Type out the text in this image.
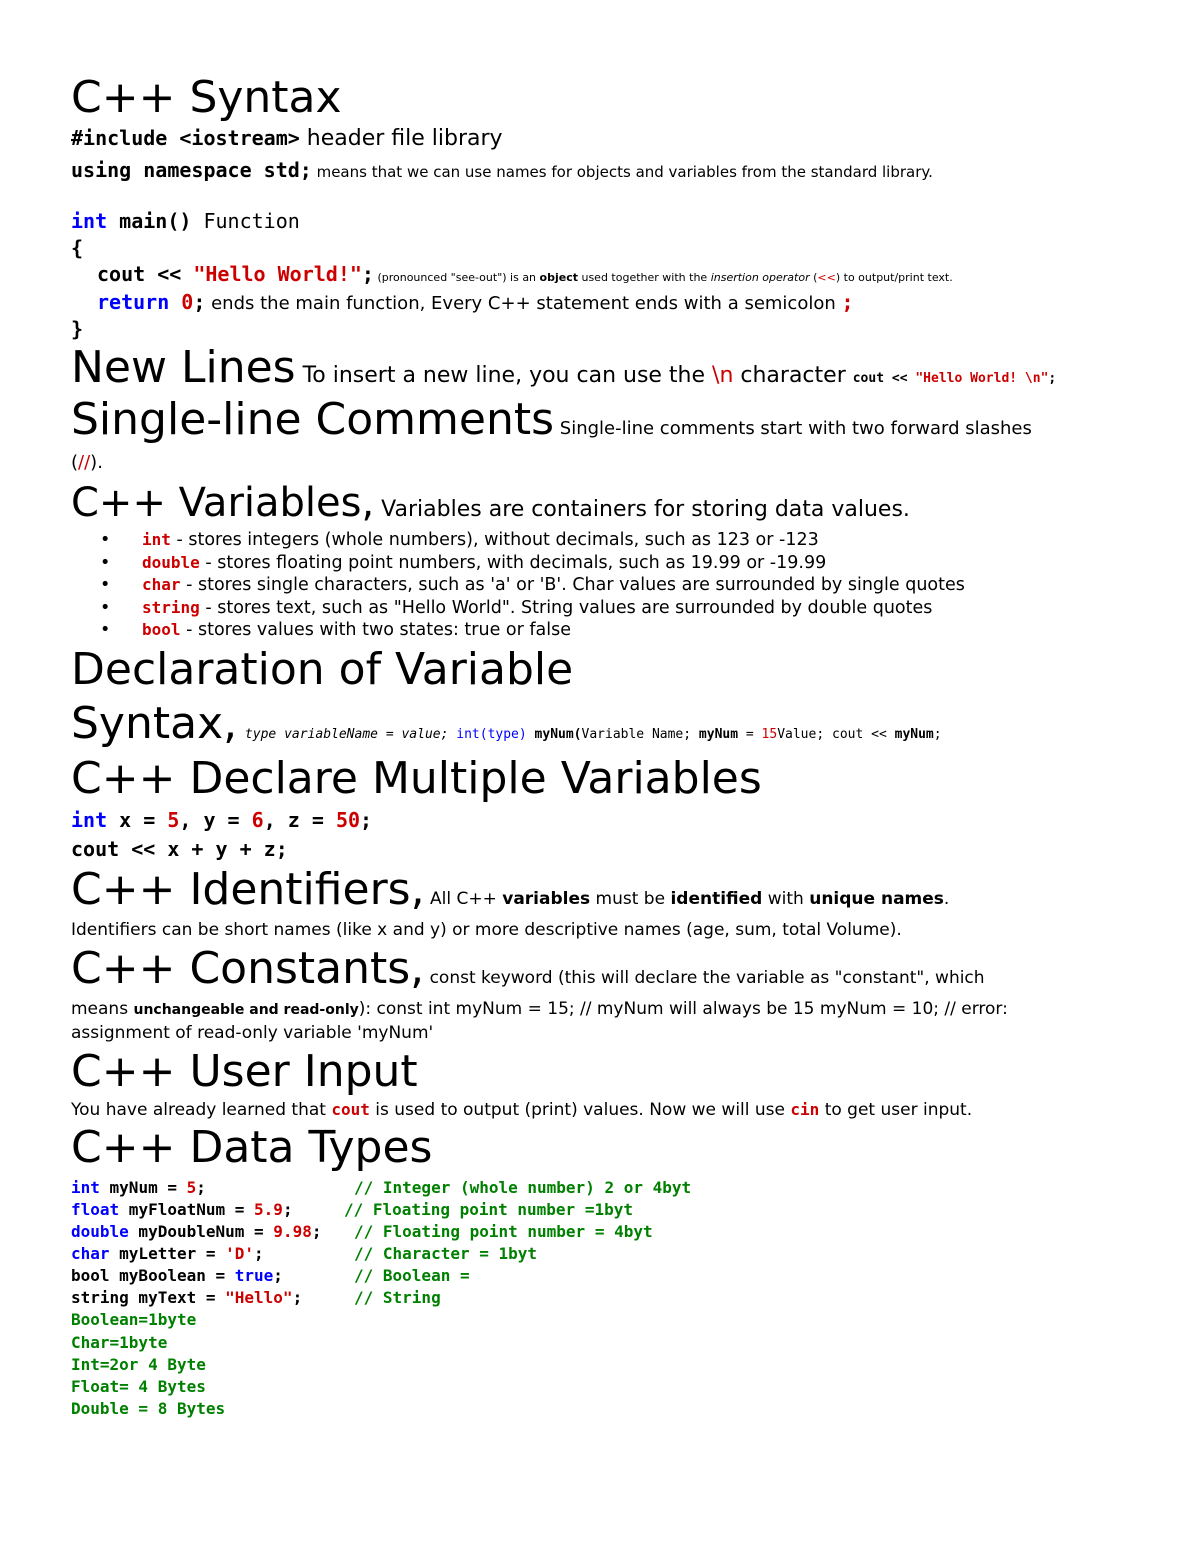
C++ Syntax
#include <iostream> header file library
using namespace std; means that we can use names for objects and variables from the standard library.
int main() Function
{
cout << "Hello World!"; (pronounced "see-out") is an object used together with the insertion operator (<<) to output/print text.
return 0; ends the main function, Every C++ statement ends with a semicolon ;
}
New Lines To insert a new line, you can use the \n character cout << "Hello World! \n";
Single-line Comments Single-line comments start with two forward slashes
(//).
C++ Variables, Variables are containers for storing data values.
• int - stores integers (whole numbers), without decimals, such as 123 or -123
• double - stores floating point numbers, with decimals, such as 19.99 or -19.99
• char - stores single characters, such as 'a' or 'B'. Char values are surrounded by single quotes
• string - stores text, such as "Hello World". String values are surrounded by double quotes
• bool - stores values with two states: true or false
Declaration of Variable
Syntax, type variableName = value; int(type) myNum(Variable Name; myNum = 15Value; cout << myNum;
C++ Declare Multiple Variables
int x = 5, y = 6, z = 50;
cout << x + y + z;
C++ Identifiers, All C++ variables must be identified with unique names.
Identifiers can be short names (like x and y) or more descriptive names (age, sum, total Volume).
C++ Constants, const keyword (this will declare the variable as "constant", which
means unchangeable and read-only): const int myNum = 15; // myNum will always be 15 myNum = 10; // error:
assignment of read-only variable 'myNum'
C++ User Input
You have already learned that cout is used to output (print) values. Now we will use cin to get user input.
C++ Data Types
int myNum = 5;	// Integer (whole number) 2 or 4byt
float myFloatNum = 5.9;	// Floating point number =1byt
double myDoubleNum = 9.98; // Floating point number = 4byt
char myLetter = 'D';	// Character = 1byt
bool myBoolean = true;	// Boolean =
string myText = "Hello";	// String
Boolean=1byte
Char=1byte
Int=2or 4 Byte
Float= 4 Bytes
Double = 8 Bytes
